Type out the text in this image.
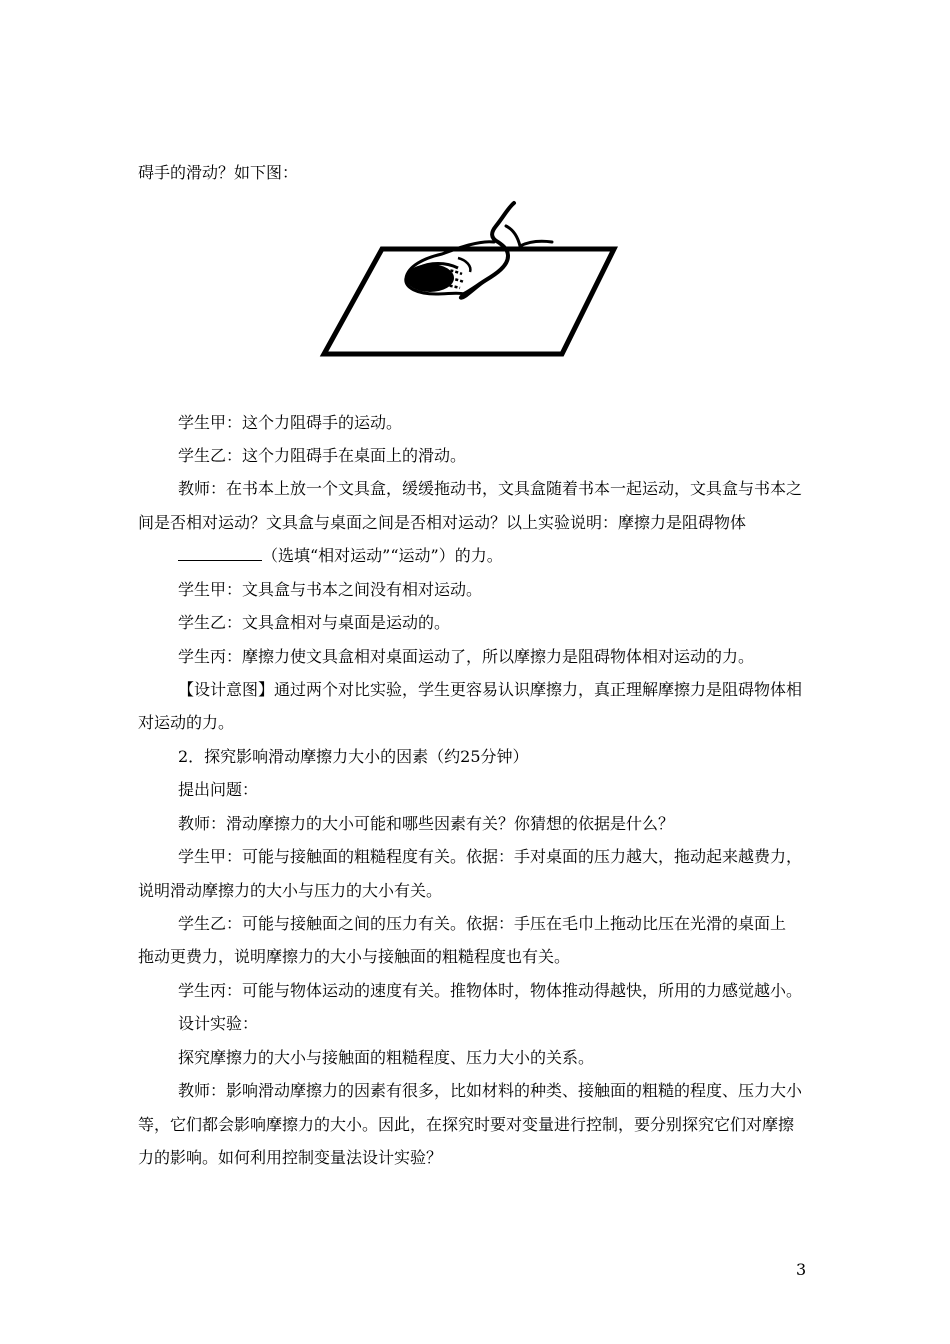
碍手的滑动？如下图：
学生甲：这个力阻碍手的运动。
学生乙：这个力阻碍手在桌面上的滑动。
教师：在书本上放一个文具盒，缓缓拖动书，文具盒随着书本一起运动，文具盒与书本之
间是否相对运动？文具盒与桌面之间是否相对运动？以上实验说明：摩擦力是阻碍物体
（选填“相对运动”“运动”）的力。
学生甲：文具盒与书本之间没有相对运动。
学生乙：文具盒相对与桌面是运动的。
学生丙：摩擦力使文具盒相对桌面运动了，所以摩擦力是阻碍物体相对运动的力。
【设计意图】通过两个对比实验，学生更容易认识摩擦力，真正理解摩擦力是阻碍物体相
对运动的力。
2．探究影响滑动摩擦力大小的因素（约25分钟）
提出问题：
教师：滑动摩擦力的大小可能和哪些因素有关？你猜想的依据是什么？
学生甲：可能与接触面的粗糙程度有关。依据：手对桌面的压力越大，拖动起来越费力，
说明滑动摩擦力的大小与压力的大小有关。
学生乙：可能与接触面之间的压力有关。依据：手压在毛巾上拖动比压在光滑的桌面上
拖动更费力，说明摩擦力的大小与接触面的粗糙程度也有关。
学生丙：可能与物体运动的速度有关。推物体时，物体推动得越快，所用的力感觉越小。
设计实验：
探究摩擦力的大小与接触面的粗糙程度、压力大小的关系。
教师：影响滑动摩擦力的因素有很多，比如材料的种类、接触面的粗糙的程度、压力大小
等，它们都会影响摩擦力的大小。因此，在探究时要对变量进行控制，要分别探究它们对摩擦
力的影响。如何利用控制变量法设计实验？
3
